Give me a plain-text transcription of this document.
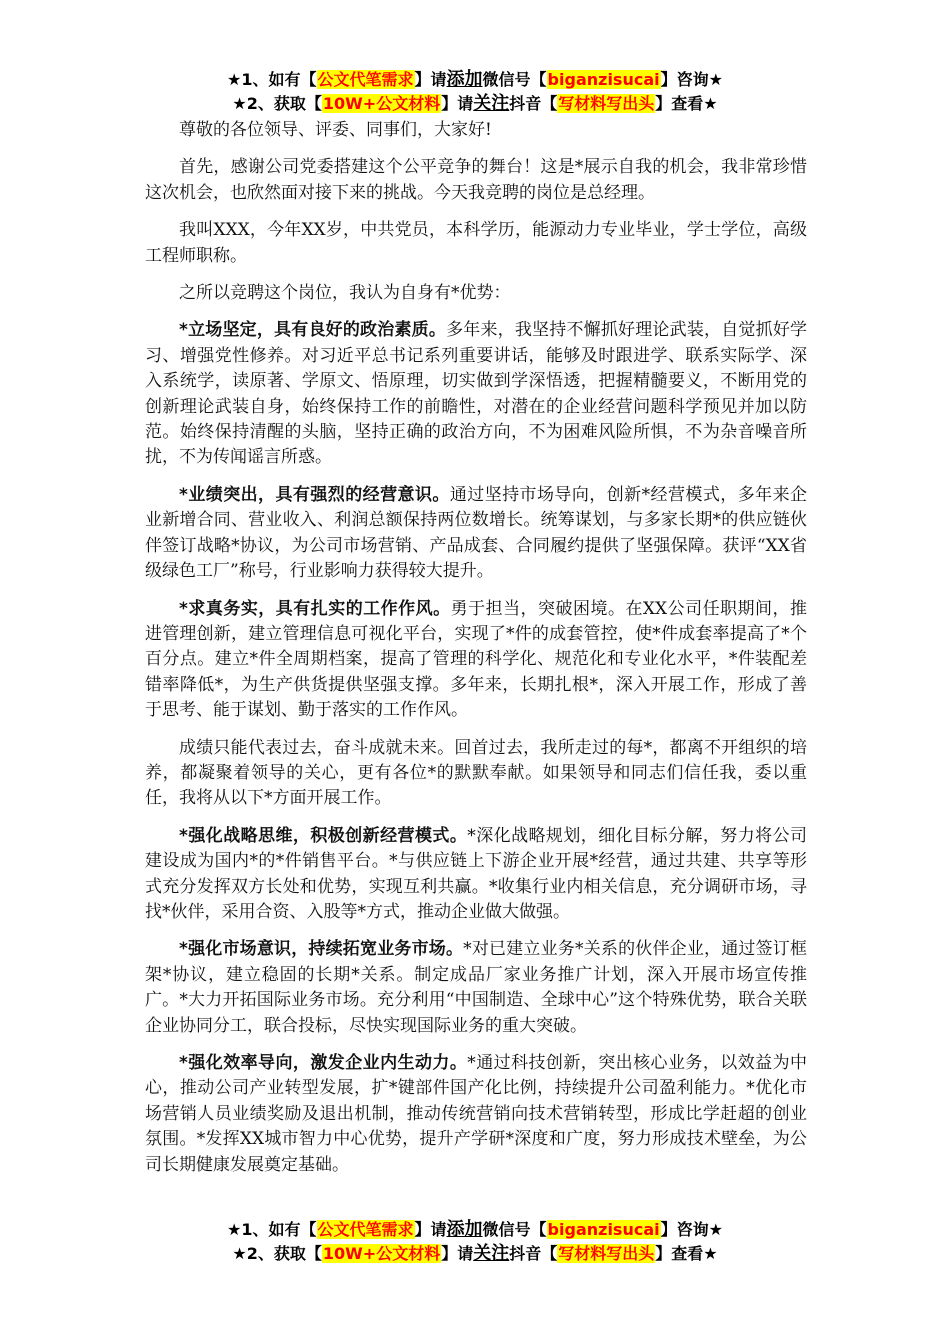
★1、如有【公文代笔需求】请添加微信号【biganzisucai】咨询★
★2、获取【10W+公文材料】请关注抖音【写材料写出头】查看★

尊敬的各位领导、评委、同事们，大家好!

首先，感谢公司党委搭建这个公平竞争的舞台！这是*展示自我的机会，我非常珍惜这次机会，也欣然面对接下来的挑战。今天我竞聘的岗位是总经理。

我叫XXX，今年XX岁，中共党员，本科学历，能源动力专业毕业，学士学位，高级工程师职称。

之所以竞聘这个岗位，我认为自身有*优势：

*立场坚定，具有良好的政治素质。多年来，我坚持不懈抓好理论武装，自觉抓好学习、增强党性修养。对习近平总书记系列重要讲话，能够及时跟进学、联系实际学、深入系统学，读原著、学原文、悟原理，切实做到学深悟透，把握精髓要义，不断用党的创新理论武装自身，始终保持工作的前瞻性，对潜在的企业经营问题科学预见并加以防范。始终保持清醒的头脑，坚持正确的政治方向，不为困难风险所惧，不为杂音噪音所扰，不为传闻谣言所惑。

*业绩突出，具有强烈的经营意识。通过坚持市场导向，创新*经营模式，多年来企业新增合同、营业收入、利润总额保持两位数增长。统筹谋划，与多家长期*的供应链伙伴签订战略*协议，为公司市场营销、产品成套、合同履约提供了坚强保障。获评“XX省级绿色工厂”称号，行业影响力获得较大提升。

*求真务实，具有扎实的工作作风。勇于担当，突破困境。在XX公司任职期间，推进管理创新，建立管理信息可视化平台，实现了*件的成套管控，使*件成套率提高了*个百分点。建立*件全周期档案，提高了管理的科学化、规范化和专业化水平，*件装配差错率降低*，为生产供货提供坚强支撑。多年来，长期扎根*，深入开展工作，形成了善于思考、能于谋划、勤于落实的工作作风。

成绩只能代表过去，奋斗成就未来。回首过去，我所走过的每*，都离不开组织的培养，都凝聚着领导的关心，更有各位*的默默奉献。如果领导和同志们信任我，委以重任，我将从以下*方面开展工作。

*强化战略思维，积极创新经营模式。*深化战略规划，细化目标分解，努力将公司建设成为国内*的*件销售平台。*与供应链上下游企业开展*经营，通过共建、共享等形式充分发挥双方长处和优势，实现互利共赢。*收集行业内相关信息，充分调研市场，寻找*伙伴，采用合资、入股等*方式，推动企业做大做强。

*强化市场意识，持续拓宽业务市场。*对已建立业务*关系的伙伴企业，通过签订框架*协议，建立稳固的长期*关系。制定成品厂家业务推广计划，深入开展市场宣传推广。*大力开拓国际业务市场。充分利用“中国制造、全球中心”这个特殊优势，联合关联企业协同分工，联合投标，尽快实现国际业务的重大突破。

*强化效率导向，激发企业内生动力。*通过科技创新，突出核心业务，以效益为中心，推动公司产业转型发展，扩*键部件国产化比例，持续提升公司盈利能力。*优化市场营销人员业绩奖励及退出机制，推动传统营销向技术营销转型，形成比学赶超的创业氛围。*发挥XX城市智力中心优势，提升产学研*深度和广度，努力形成技术壁垒，为公司长期健康发展奠定基础。

★1、如有【公文代笔需求】请添加微信号【biganzisucai】咨询★
★2、获取【10W+公文材料】请关注抖音【写材料写出头】查看★
